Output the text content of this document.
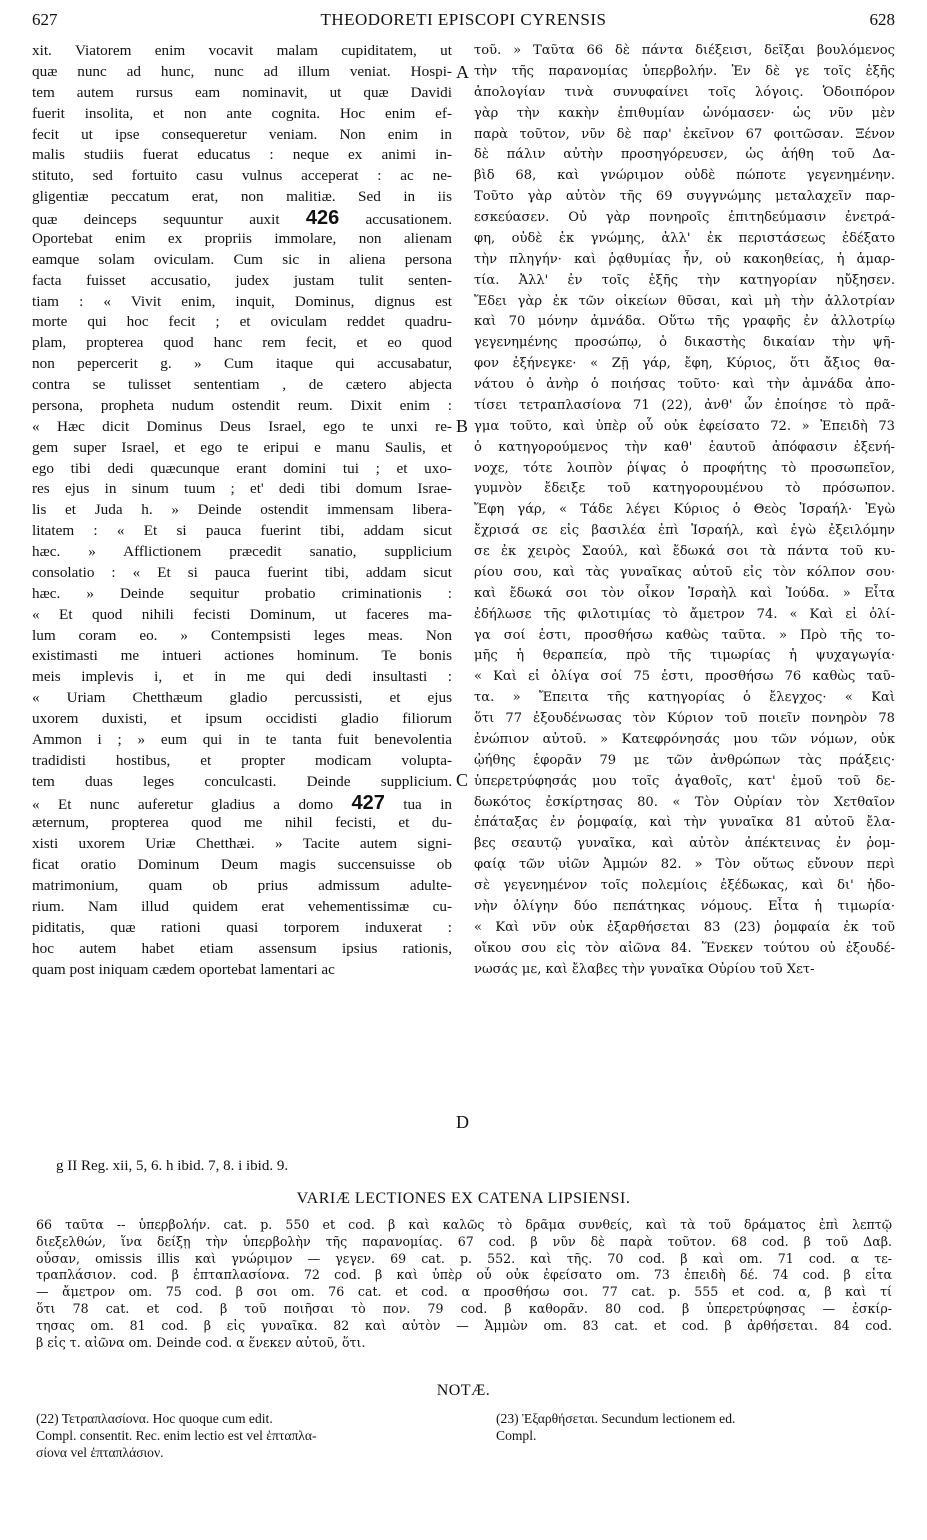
627	THEODORETI EPISCOPI CYRENSIS	628
xit. Viatorem enim vocavit malam cupiditatem, ut
quæ nunc ad hunc, nunc ad illum veniat. Hospi-
tem autem rursus eam nominavit, ut quæ Davidi
fuerit insolita, et non ante cognita. Hoc enim ef-
fecit ut ipse consequeretur veniam. Non enim in
malis studiis fuerat educatus : neque ex animi in-
stituto, sed fortuito casu vulnus acceperat : ac ne-
gligentiæ peccatum erat, non malitiæ. Sed in iis
quæ deinceps sequuntur auxit 426 accusationem.
Oportebat enim ex propriis immolare, non alienam
eamque solam oviculam. Cum sic in aliena persona
facta fuisset accusatio, judex justam tulit senten-
tiam : « Vivit enim, inquit, Dominus, dignus est
morte qui hoc fecit ; et oviculam reddet quadru-
plam, propterea quod hanc rem fecit, et eo quod
non pepercerit g. » Cum itaque qui accusabatur,
contra se tulisset sententiam , de cætero abjecta
persona, propheta nudum ostendit reum. Dixit enim :
« Hæc dicit Dominus Deus Israel, ego te unxi re-
gem super Israel, et ego te eripui e manu Saulis, et
ego tibi dedi quæcunque erant domini tui ; et uxo-
res ejus in sinum tuum ; et' dedi tibi domum Israe-
lis et Juda h. » Deinde ostendit immensam libera-
litatem : « Et si pauca fuerint tibi, addam sicut
hæc. » Afflictionem præcedit sanatio, supplicium
consolatio : « Et si pauca fuerint tibi, addam sicut
hæc. » Deinde sequitur probatio criminationis :
« Et quod nihili fecisti Dominum, ut faceres ma-
lum coram eo. » Contempsisti leges meas. Non
existimasti me intueri actiones hominum. Te bonis
meis implevis i, et in me qui dedi insultasti :
« Uriam Chetthæum gladio percussisti, et ejus
uxorem duxisti, et ipsum occidisti gladio filiorum
Ammon i ; » eum qui in te tanta fuit benevolentia
tradidisti hostibus, et propter modicam volupta-
tem duas leges conculcasti. Deinde supplicium.
« Et nunc auferetur gladius a domo 427 tua in
æternum, propterea quod me nihil fecisti, et du-
xisti uxorem Uriæ Chetthæi. » Tacite autem signi-
ficat oratio Dominum Deum magis succensuisse ob
matrimonium, quam ob prius admissum adulte-
rium. Nam illud quidem erat vehementissimæ cu-
piditatis, quæ rationi quasi torporem induxerat :
hoc autem habet etiam assensum ipsius rationis,
quam post iniquam cædem oportebat lamentari ac
τοῦ. » Ταῦτα 66 δὲ πάντα διέξεισι, δεῖξαι βουλόμενος
τὴν τῆς παρανομίας ὑπερβολήν. Ἐν δὲ γε τοῖς ἑξῆς
ἀπολογίαν τινὰ συνυφαίνει τοῖς λόγοις. Ὁδοιπόρον
γὰρ τὴν κακὴν ἐπιθυμίαν ὠνόμασεν· ὡς νῦν μὲν
παρὰ τοῦτον, νῦν δὲ παρ' ἐκεῖνον 67 φοιτῶσαν. Ξένον
δὲ πάλιν αὐτὴν προσηγόρευσεν, ὡς ἀήθη τοῦ Δα-
βὶδ 68, καὶ γνώριμον οὐδὲ πώποτε γεγενημένην.
Τοῦτο γὰρ αὐτὸν τῆς 69 συγγνώμης μεταλαχεῖν παρ-
εσκεύασεν. Οὐ γὰρ πονηροῖς ἐπιτηδεύμασιν ἐνετρά-
φη, οὐδὲ ἐκ γνώμης, ἀλλ' ἐκ περιστάσεως ἐδέξατο
τὴν πληγήν· καὶ ῥᾳθυμίας ἦν, οὐ κακοηθείας, ἡ ἁμαρ-
τία. Ἀλλ' ἐν τοῖς ἑξῆς τὴν κατηγορίαν ηὔξησεν.
Ἔδει γὰρ ἐκ τῶν οἰκείων θῦσαι, καὶ μὴ τὴν ἀλλοτρίαν
καὶ 70 μόνην ἀμνάδα. Οὕτω τῆς γραφῆς ἐν ἀλλοτρίῳ
γεγενημένης προσώπῳ, ὁ δικαστὴς δικαίαν τὴν ψῆ-
φον ἐξήνεγκε· « Ζῇ γάρ, ἔφη, Κύριος, ὅτι ἄξιος θα-
νάτου ὁ ἀνὴρ ὁ ποιήσας τοῦτο· καὶ τὴν ἀμνάδα ἀπο-
τίσει τετραπλασίονα 71 (22), ἀνθ' ὧν ἐποίησε τὸ πρᾶ-
γμα τοῦτο, καὶ ὑπὲρ οὗ οὐκ ἐφείσατο 72. » Ἐπειδὴ 73
ὁ κατηγορούμενος τὴν καθ' ἑαυτοῦ ἀπόφασιν ἐξενή-
νοχε, τότε λοιπὸν ῥίψας ὁ προφήτης τὸ προσωπεῖον,
γυμνὸν ἔδειξε τοῦ κατηγορουμένου τὸ πρόσωπον.
Ἔφη γάρ, « Τάδε λέγει Κύριος ὁ Θεὸς Ἰσραήλ· Ἐγὼ
ἔχρισά σε εἰς βασιλέα ἐπὶ Ἰσραήλ, καὶ ἐγὼ ἐξειλόμην
σε ἐκ χειρὸς Σαούλ, καὶ ἔδωκά σοι τὰ πάντα τοῦ κυ-
ρίου σου, καὶ τὰς γυναῖκας αὐτοῦ εἰς τὸν κόλπον σου·
καὶ ἔδωκά σοι τὸν οἶκον Ἰσραὴλ καὶ Ἰούδα. » Εἶτα
ἐδήλωσε τῆς φιλοτιμίας τὸ ἄμετρον 74. « Καὶ εἰ ὀλί-
γα σοί ἐστι, προσθήσω καθὼς ταῦτα. » Πρὸ τῆς το-
μῆς ἡ θεραπεία, πρὸ τῆς τιμωρίας ἡ ψυχαγωγία·
« Καὶ εἰ ὀλίγα σοί 75 ἐστι, προσθήσω 76 καθὼς ταῦ-
τα. » Ἔπειτα τῆς κατηγορίας ὁ ἔλεγχος· « Καὶ
ὅτι 77 ἐξουδένωσας τὸν Κύριον τοῦ ποιεῖν πονηρὸν 78
ἐνώπιον αὐτοῦ. » Κατεφρόνησάς μου τῶν νόμων, οὐκ
ᾠήθης ἐφορᾶν 79 με τῶν ἀνθρώπων τὰς πράξεις·
ὑπερετρύφησάς μου τοῖς ἀγαθοῖς, κατ' ἐμοῦ τοῦ δε-
δωκότος ἐσκίρτησας 80. « Τὸν Οὐρίαν τὸν Χετθαῖον
ἐπάταξας ἐν ῥομφαίᾳ, καὶ τὴν γυναῖκα 81 αὐτοῦ ἔλα-
βες σεαυτῷ γυναῖκα, καὶ αὐτὸν ἀπέκτεινας ἐν ῥομ-
φαίᾳ τῶν υἱῶν Ἀμμών 82. » Τὸν οὕτως εὔνουν περὶ
σὲ γεγενημένον τοῖς πολεμίοις ἐξέδωκας, καὶ δι' ἡδο-
νὴν ὀλίγην δύο πεπάτηκας νόμους. Εἶτα ἡ τιμωρία·
« Καὶ νῦν οὐκ ἐξαρθήσεται 83 (23) ῥομφαία ἐκ τοῦ
οἴκου σου εἰς τὸν αἰῶνα 84. Ἕνεκεν τούτου οὐ ἐξουδέ-
νωσάς με, καὶ ἔλαβες τὴν γυναῖκα Οὐρίου τοῦ Χετ-
A
B
C
D
g II Reg. xii, 5, 6. h ibid. 7, 8. i ibid. 9.
VARIÆ LECTIONES EX CATENA LIPSIENSI.
66 ταῦτα -- ὑπερβολήν. cat. p. 550 et cod. β καὶ καλῶς τὸ δρᾶμα συνθείς, καὶ τὰ τοῦ δράματος ἐπὶ λεπτῷ
διεξελθών, ἵνα δείξῃ τὴν ὑπερβολὴν τῆς παρανομίας. 67 cod. β νῦν δὲ παρὰ τοῦτον. 68 cod. β τοῦ Δαβ.
οὖσαν, omissis illis καὶ γνώριμον — γεγεν. 69 cat. p. 552. καὶ τῆς. 70 cod. β καὶ om. 71 cod. α τε-
τραπλάσιον. cod. β ἑπταπλασίονα. 72 cod. β καὶ ὑπὲρ οὗ οὐκ ἐφείσατο om. 73 ἐπειδὴ δέ. 74 cod. β εἶτα
— ἄμετρον om. 75 cod. β σοι om. 76 cat. et cod. α προσθήσω σοι. 77 cat. p. 555 et cod. α, β καὶ τί
ὅτι 78 cat. et cod. β τοῦ ποιῆσαι τὸ πον. 79 cod. β καθορᾶν. 80 cod. β ὑπερετρύφησας — ἐσκίρ-
τησας om. 81 cod. β εἰς γυναῖκα. 82 καὶ αὐτὸν — Ἀμμὼν om. 83 cat. et cod. β ἀρθήσεται. 84 cod.
β εἰς τ. αἰῶνα om. Deinde cod. α ἕνεκεν αὐτοῦ, ὅτι.
NOTÆ.
(22) Τετραπλασίονα. Hoc quoque cum edit.
Compl. consentit. Rec. enim lectio est vel ἑπταπλα-
σίονα vel ἑπταπλάσιον.
(23) Ἐξαρθήσεται. Secundum lectionem ed.
Compl.
